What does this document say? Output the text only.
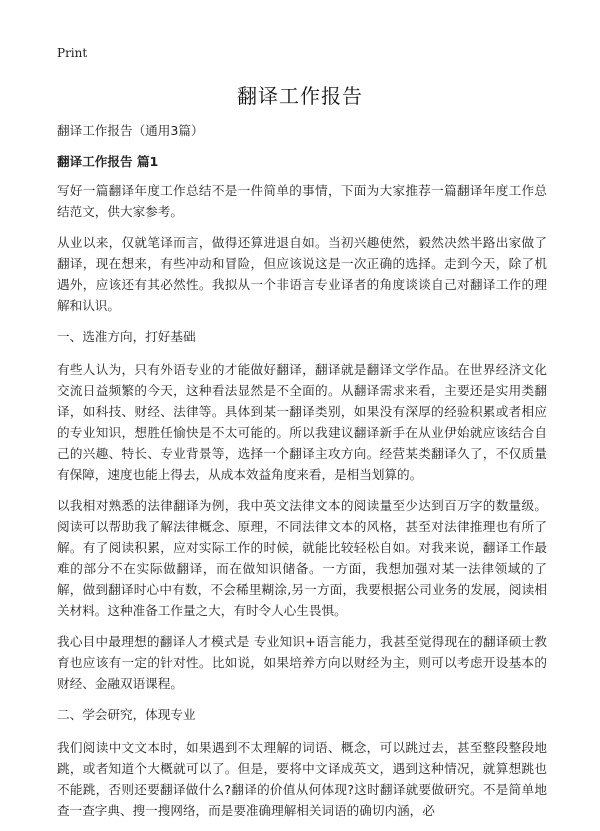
Print
翻译工作报告

翻译工作报告（通用3篇）

翻译工作报告 篇1

写好一篇翻译年度工作总结不是一件简单的事情，下面为大家推荐一篇翻译年度工作总结范文，供大家参考。

从业以来，仅就笔译而言，做得还算进退自如。当初兴趣使然，毅然决然半路出家做了翻译，现在想来，有些冲动和冒险，但应该说这是一次正确的选择。走到今天，除了机遇外，应该还有其必然性。我拟从一个非语言专业译者的角度谈谈自己对翻译工作的理解和认识。

一、选准方向，打好基础

有些人认为，只有外语专业的才能做好翻译，翻译就是翻译文学作品。在世界经济文化交流日益频繁的今天，这种看法显然是不全面的。从翻译需求来看，主要还是实用类翻译，如科技、财经、法律等。具体到某一翻译类别，如果没有深厚的经验积累或者相应的专业知识，想胜任愉快是不太可能的。所以我建议翻译新手在从业伊始就应该结合自己的兴趣、特长、专业背景等，选择一个翻译主攻方向。经营某类翻译久了，不仅质量有保障，速度也能上得去，从成本效益角度来看，是相当划算的。

以我相对熟悉的法律翻译为例，我中英文法律文本的阅读量至少达到百万字的数量级。阅读可以帮助我了解法律概念、原理，不同法律文本的风格，甚至对法律推理也有所了解。有了阅读积累，应对实际工作的时候，就能比较轻松自如。对我来说，翻译工作最难的部分不在实际做翻译，而在做知识储备。一方面，我想加强对某一法律领域的了解，做到翻译时心中有数，不会稀里糊涂,另一方面，我要根据公司业务的发展，阅读相关材料。这种准备工作量之大，有时令人心生畏惧。

我心目中最理想的翻译人才模式是 专业知识+语言能力，我甚至觉得现在的翻译硕士教育也应该有一定的针对性。比如说，如果培养方向以财经为主，则可以考虑开设基本的财经、金融双语课程。

二、学会研究，体现专业

我们阅读中文文本时，如果遇到不太理解的词语、概念，可以跳过去，甚至整段整段地跳，或者知道个大概就可以了。但是，要将中文译成英文，遇到这种情况，就算想跳也不能跳，否则还要翻译做什么?翻译的价值从何体现?这时翻译就要做研究。不是简单地查一查字典、搜一搜网络，而是要准确理解相关词语的确切内涵，必
